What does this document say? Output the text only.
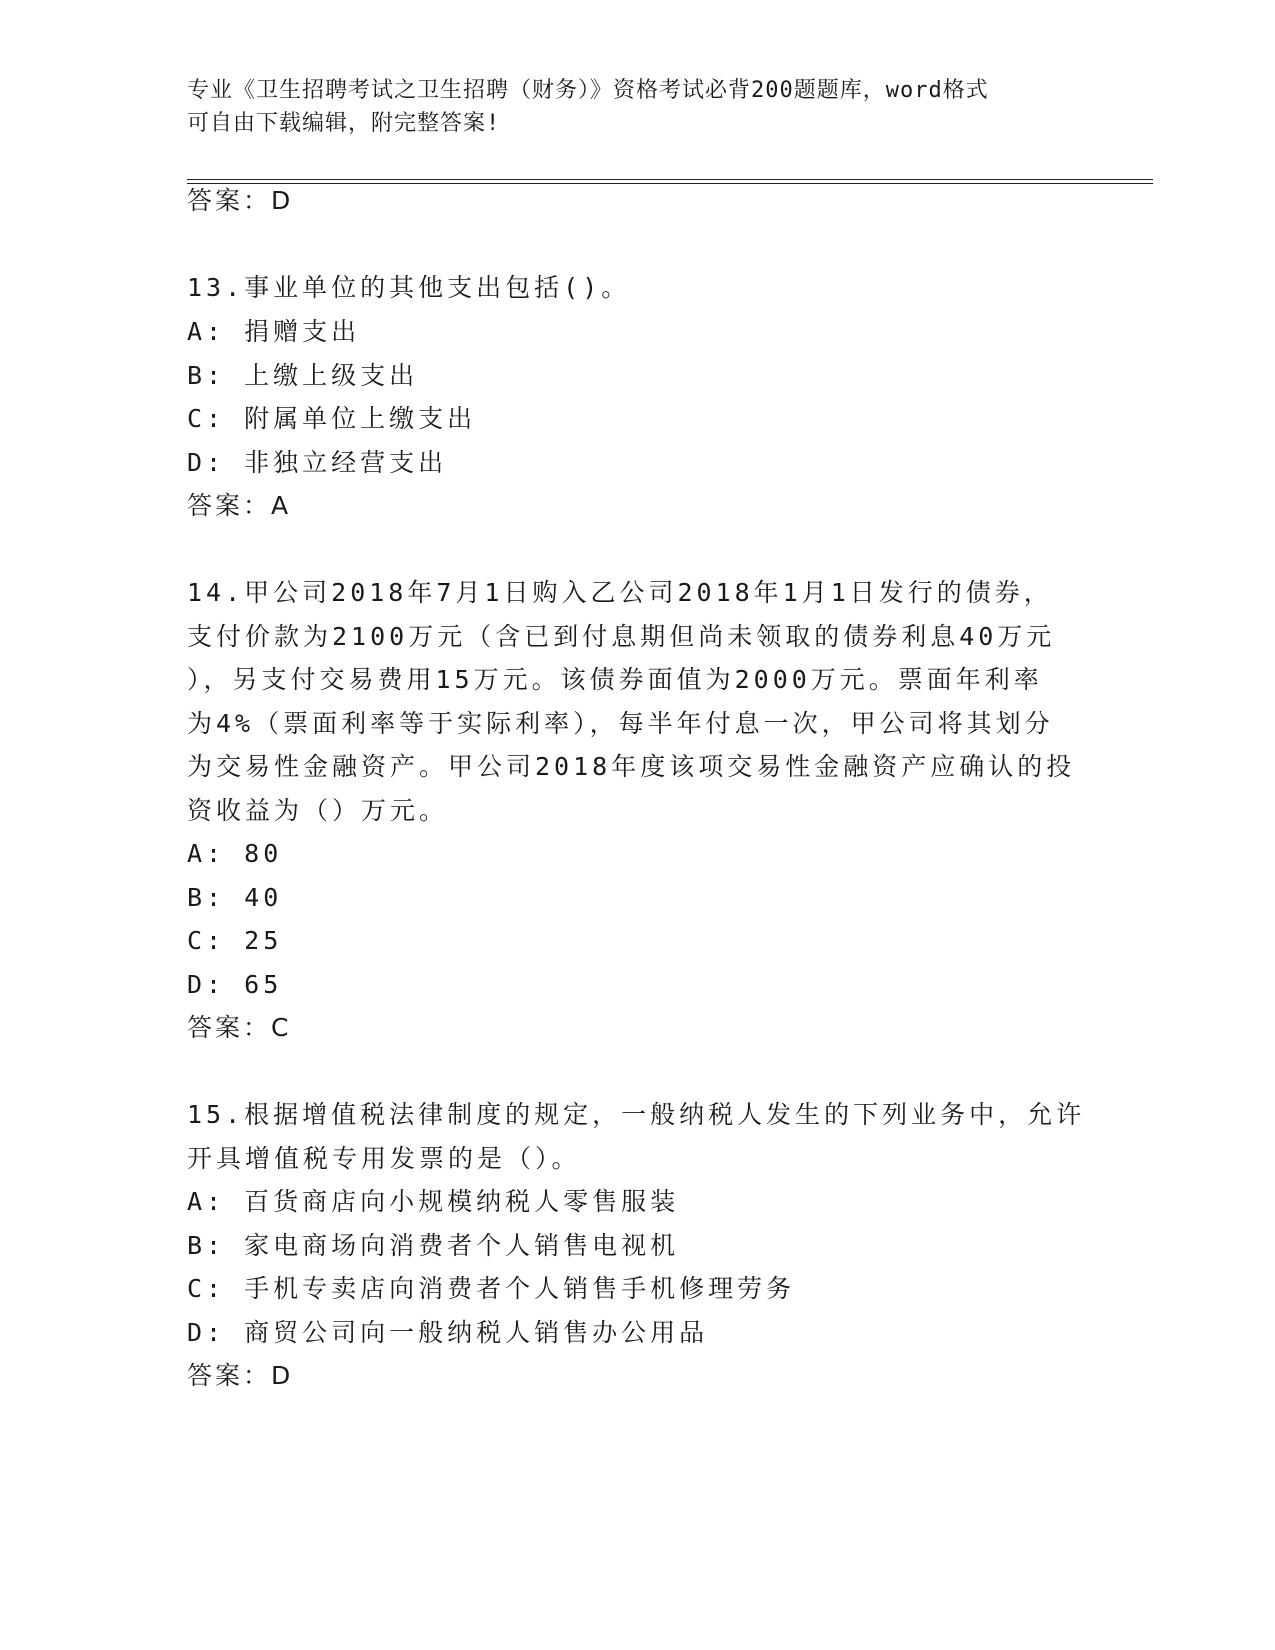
专业《卫生招聘考试之卫生招聘（财务）》资格考试必背200题题库，word格式
可自由下载编辑，附完整答案!
答案：D
13.事业单位的其他支出包括()。
A: 捐赠支出
B: 上缴上级支出
C: 附属单位上缴支出
D: 非独立经营支出
答案：A
14.甲公司2018年7月1日购入乙公司2018年1月1日发行的债券，
支付价款为2100万元（含已到付息期但尚未领取的债券利息40万元
），另支付交易费用15万元。该债券面值为2000万元。票面年利率
为4%（票面利率等于实际利率），每半年付息一次，甲公司将其划分
为交易性金融资产。甲公司2018年度该项交易性金融资产应确认的投
资收益为（）万元。
A: 80
B: 40
C: 25
D: 65
答案：C
15.根据增值税法律制度的规定，一般纳税人发生的下列业务中，允许
开具增值税专用发票的是（）。
A: 百货商店向小规模纳税人零售服装
B: 家电商场向消费者个人销售电视机
C: 手机专卖店向消费者个人销售手机修理劳务
D: 商贸公司向一般纳税人销售办公用品
答案：D
